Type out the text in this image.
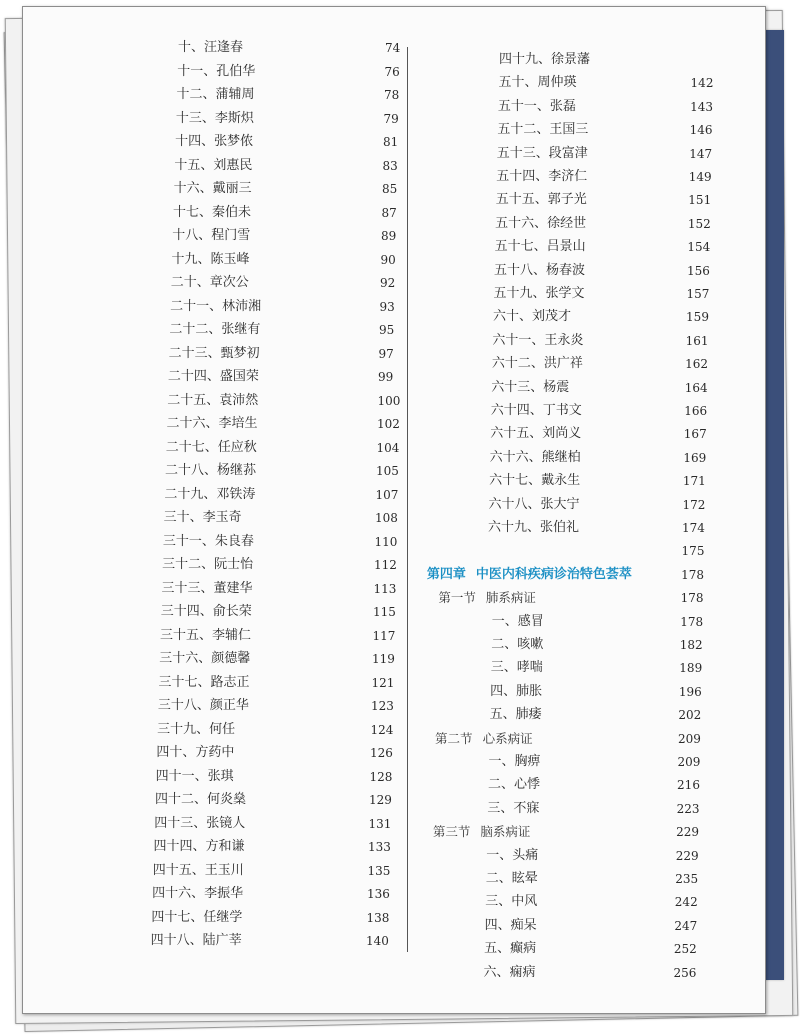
十、汪逢春	74
十一、孔伯华	76
十二、蒲辅周	78
十三、李斯炽	79
十四、张梦侬	81
十五、刘惠民	83
十六、戴丽三	85
十七、秦伯未	87
十八、程门雪	89
十九、陈玉峰	90
二十、章次公	92
二十一、林沛湘	93
二十二、张继有	95
二十三、甄梦初	97
二十四、盛国荣	99
二十五、袁沛然	100
二十六、李培生	102
二十七、任应秋	104
二十八、杨继荪	105
二十九、邓铁涛	107
三十、李玉奇	108
三十一、朱良春	110
三十二、阮士怡	112
三十三、董建华	113
三十四、俞长荣	115
三十五、李辅仁	117
三十六、颜德馨	119
三十七、路志正	121
三十八、颜正华	123
三十九、何任	124
四十、方药中	126
四十一、张琪	128
四十二、何炎燊	129
四十三、张镜人	131
四十四、方和谦	133
四十五、王玉川	135
四十六、李振华	136
四十七、任继学	138
四十八、陆广莘	140
四十九、徐景藩
五十、周仲瑛	142
五十一、张磊	143
五十二、王国三	146
五十三、段富津	147
五十四、李济仁	149
五十五、郭子光	151
五十六、徐经世	152
五十七、吕景山	154
五十八、杨春波	156
五十九、张学文	157
六十、刘茂才	159
六十一、王永炎	161
六十二、洪广祥	162
六十三、杨震	164
六十四、丁书文	166
六十五、刘尚义	167
六十六、熊继柏	169
六十七、戴永生	171
六十八、张大宁	172
六十九、张伯礼	174
175
第四章 中医内科疾病诊治特色荟萃	178
第一节 肺系病证	178
一、感冒	178
二、咳嗽	182
三、哮喘	189
四、肺胀	196
五、肺痿	202
第二节 心系病证	209
一、胸痹	209
二、心悸	216
三、不寐	223
第三节 脑系病证	229
一、头痛	229
二、眩晕	235
三、中风	242
四、痴呆	247
五、癫病	252
六、痫病	256
